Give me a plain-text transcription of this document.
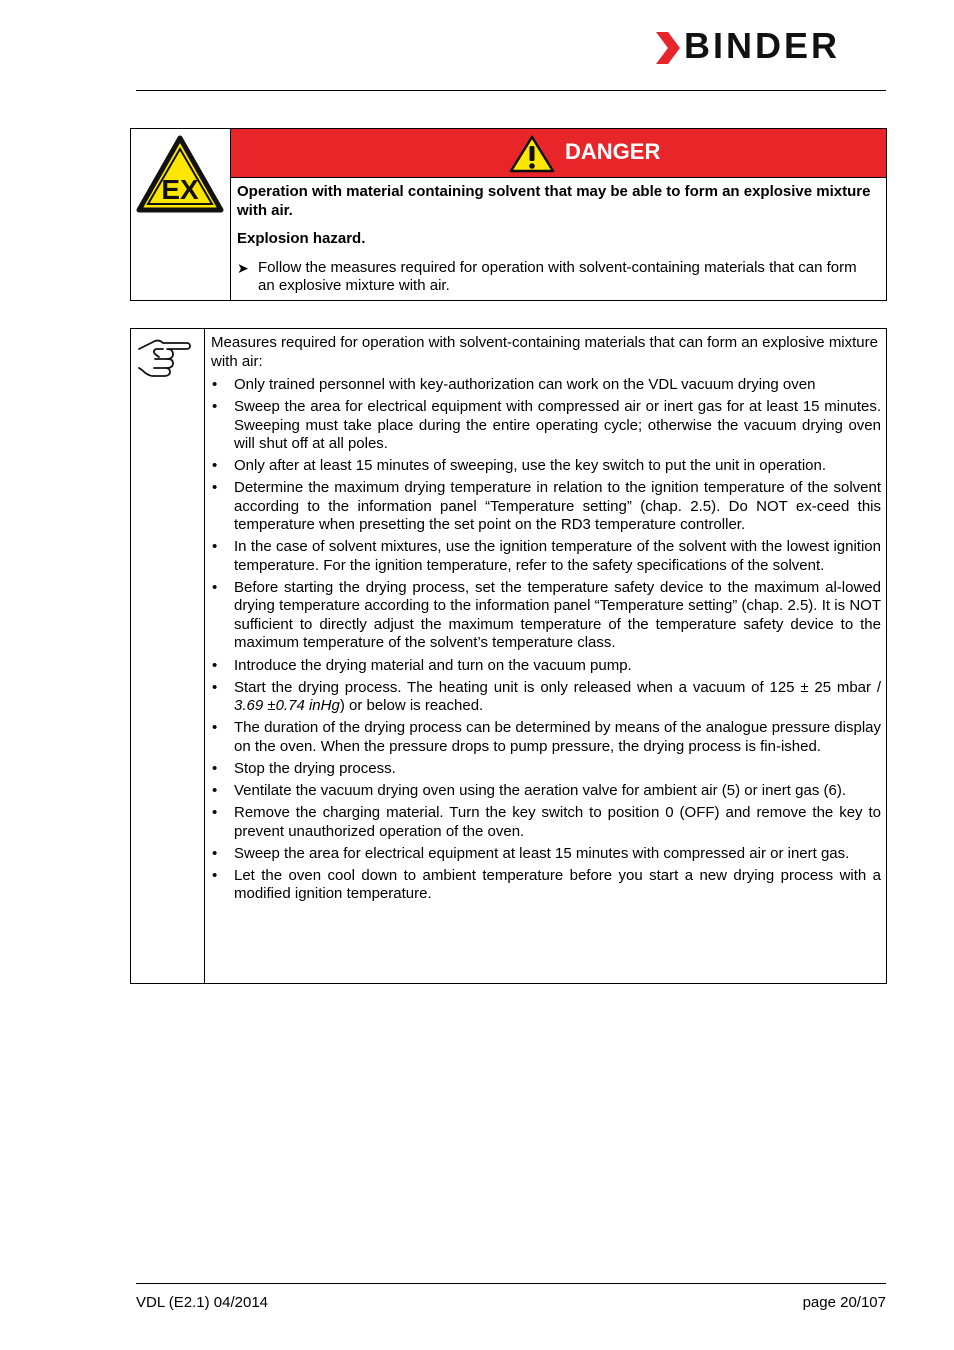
BINDER
EX
DANGER

Operation with material containing solvent that may be able to form an explosive mixture with air.

Explosion hazard.

➤ Follow the measures required for operation with solvent-containing materials that can form an explosive mixture with air.

Measures required for operation with solvent-containing materials that can form an explosive mixture with air:

• Only trained personnel with key-authorization can work on the VDL vacuum drying oven
• Sweep the area for electrical equipment with compressed air or inert gas for at least 15 minutes. Sweeping must take place during the entire operating cycle; otherwise the vacuum drying oven will shut off at all poles.
• Only after at least 15 minutes of sweeping, use the key switch to put the unit in operation.
• Determine the maximum drying temperature in relation to the ignition temperature of the solvent according to the information panel “Temperature setting” (chap. 2.5). Do NOT ex-ceed this temperature when presetting the set point on the RD3 temperature controller.
• In the case of solvent mixtures, use the ignition temperature of the solvent with the lowest ignition temperature. For the ignition temperature, refer to the safety specifications of the solvent.
• Before starting the drying process, set the temperature safety device to the maximum al-lowed drying temperature according to the information panel “Temperature setting” (chap. 2.5). It is NOT sufficient to directly adjust the maximum temperature of the temperature safety device to the maximum temperature of the solvent’s temperature class.
• Introduce the drying material and turn on the vacuum pump.
• Start the drying process. The heating unit is only released when a vacuum of 125 ± 25 mbar / 3.69 ±0.74 inHg) or below is reached.
• The duration of the drying process can be determined by means of the analogue pressure display on the oven. When the pressure drops to pump pressure, the drying process is fin-ished.
• Stop the drying process.
• Ventilate the vacuum drying oven using the aeration valve for ambient air (5) or inert gas (6).
• Remove the charging material. Turn the key switch to position 0 (OFF) and remove the key to prevent unauthorized operation of the oven.
• Sweep the area for electrical equipment at least 15 minutes with compressed air or inert gas.
• Let the oven cool down to ambient temperature before you start a new drying process with a modified ignition temperature.
VDL (E2.1) 04/2014	page 20/107
